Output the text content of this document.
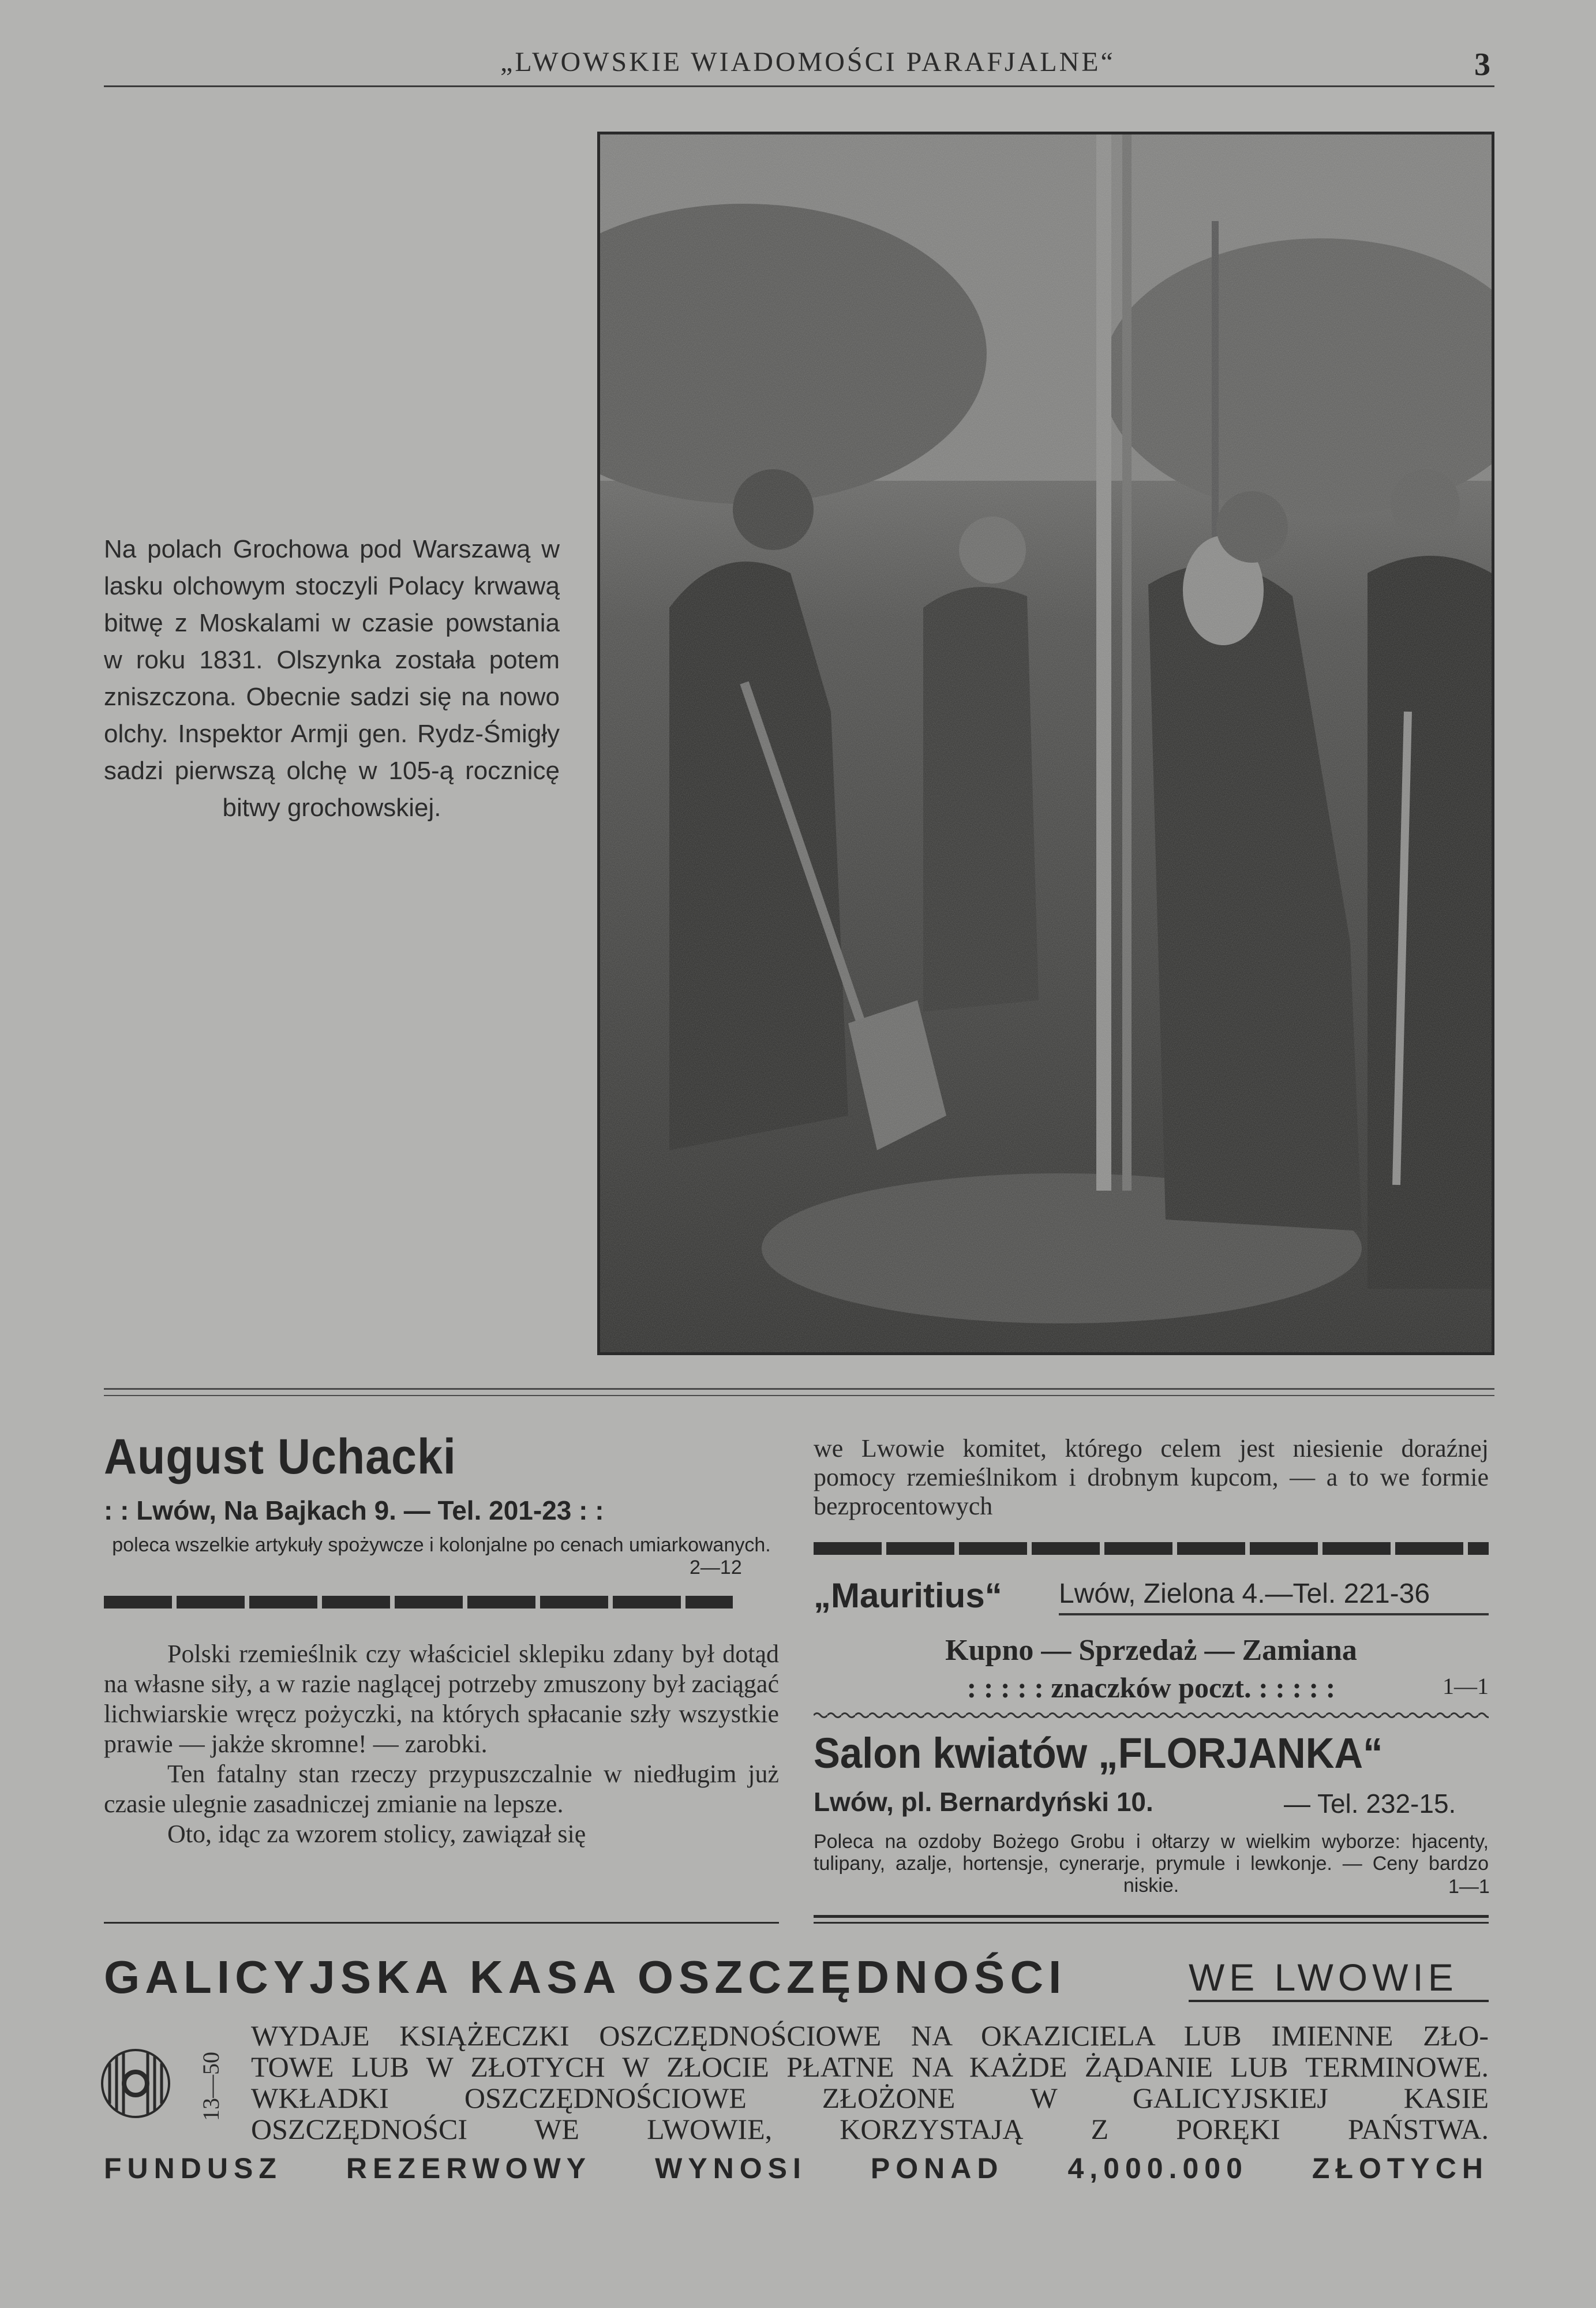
„LWOWSKIE WIADOMOŚCI PARAFJALNE“	3
Na polach Grochowa pod Warszawą w lasku olchowym stoczyli Polacy krwawą bitwę z Moskalami w czasie powstania w roku 1831. Olszynka została potem zniszczona. Obecnie sadzi się na nowo olchy. Inspektor Armji gen. Rydz-Śmigły sadzi pierwszą olchę w 105-ą rocznicę bitwy grochowskiej.
August Uchacki
: : Lwów, Na Bajkach 9. — Tel. 201-23 : :
poleca wszelkie artykuły spożywcze i kolonjalne po cenach umiarkowanych.
2—12

Polski rzemieślnik czy właściciel sklepiku zdany był dotąd na własne siły, a w razie naglącej potrzeby zmuszony był zaciągać lichwiarskie wręcz pożyczki, na których spłacanie szły wszystkie prawie — jakże skromne! — zarobki.

Ten fatalny stan rzeczy przypuszczalnie w niedługim już czasie ulegnie zasadniczej zmianie na lepsze.

Oto, idąc za wzorem stolicy, zawiązał się

we Lwowie komitet, którego celem jest niesienie doraźnej pomocy rzemieślnikom i drobnym kupcom, — a to we formie bezprocentowych
„Mauritius“ Lwów, Zielona 4.—Tel. 221-36
Kupno — Sprzedaż — Zamiana
: : : : : znaczków poczt. : : : : :	1—1
Salon kwiatów „FLORJANKA“
Lwów, pl. Bernardyński 10.	— Tel. 232-15.
Poleca na ozdoby Bożego Grobu i ołtarzy w wielkim wyborze: hjacenty, tulipany, azalje, hortensje, cynerarje, prymule i lewkonje. — Ceny bardzo niskie.	1—1
GALICYJSKA KASA OSZCZĘDNOŚCI	WE LWOWIE
13—50
WYDAJE KSIĄŻECZKI OSZCZĘDNOŚCIOWE NA OKAZICIELA LUB IMIENNE ZŁO-
TOWE LUB W ZŁOTYCH W ZŁOCIE PŁATNE NA KAŻDE ŻĄDANIE LUB TERMINOWE.
WKŁADKI OSZCZĘDNOŚCIOWE ZŁOŻONE W GALICYJSKIEJ KASIE
OSZCZĘDNOŚCI WE LWOWIE, KORZYSTAJĄ Z PORĘKI PAŃSTWA.
FUNDUSZ REZERWOWY WYNOSI PONAD 4,000.000 ZŁOTYCH
